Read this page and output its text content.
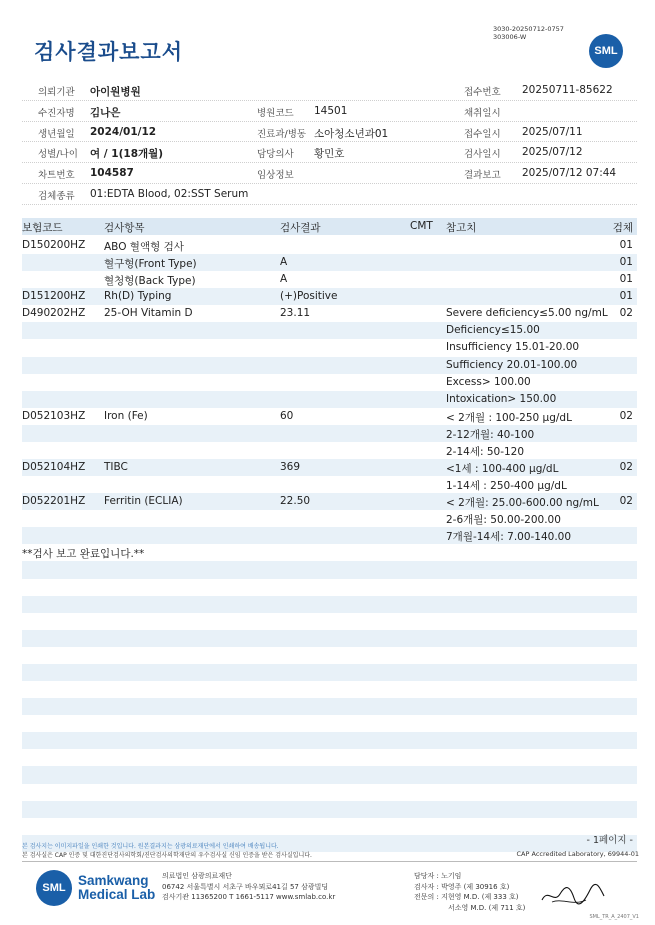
검사결과보고서
3030-20250712-0757
303006-W
SML
의뢰기관 아이원병원	접수번호 20250711-85622
수진자명 김나은	병원코드 14501	채취일시
생년월일 2024/01/12	진료과/병동 소아청소년과01	접수일시 2025/07/11
성별/나이 여 / 1(18개월)	담당의사 황민호	검사일시 2025/07/12
차트번호 104587	임상정보	결과보고 2025/07/12 07:44
검체종류 01:EDTA Blood, 02:SST Serum
보험코드	검사항목	검사결과	CMT 참고치	검체
D150200HZ ABO 혈액형 검사	01
혈구형(Front Type)	A	01
혈청형(Back Type)	A	01
D151200HZ Rh(D) Typing	(+)Positive	01
D490202HZ 25-OH Vitamin D	23.11	Severe deficiency≤5.00 ng/mL 02
Deficiency≤15.00
Insufficiency 15.01-20.00
Sufficiency 20.01-100.00
Excess> 100.00
Intoxication> 150.00
D052103HZ Iron (Fe)	60	< 2개월 : 100-250 μg/dL	02
2-12개월: 40-100
2-14세: 50-120
D052104HZ TIBC	369	<1세 : 100-400 μg/dL	02
1-14세 : 250-400 μg/dL
D052201HZ Ferritin (ECLIA)	22.50	< 2개월: 25.00-600.00 ng/mL 02
2-6개월: 50.00-200.00
7개월-14세: 7.00-140.00
**검사 보고 완료입니다.**
본 검사지는 이미지파일을 인쇄한 것입니다. 원본결과지는 삼광의료재단에서 인쇄하여 배송됩니다.
본 검사실은 CAP 인증 및 대한진단검사의학회/진단검사의학재단의 우수검사실 신임 인증을 받은 검사실입니다.
- 1페이지 -
CAP Accredited Laboratory, 69944-01
SML Samkwang
Medical Lab
의료법인 삼광의료재단
06742 서울특별시 서초구 바우뫼로41길 57 삼광빌딩
검사기관 11365200 T 1661-5117 www.smlab.co.kr
담당자 : 노기임
검사자 : 박영주 (제 30916 호)
전문의 : 지현영 M.D. (제 333 호)
서소영 M.D. (제 711 호)
SML_TR_A_2407_V1
